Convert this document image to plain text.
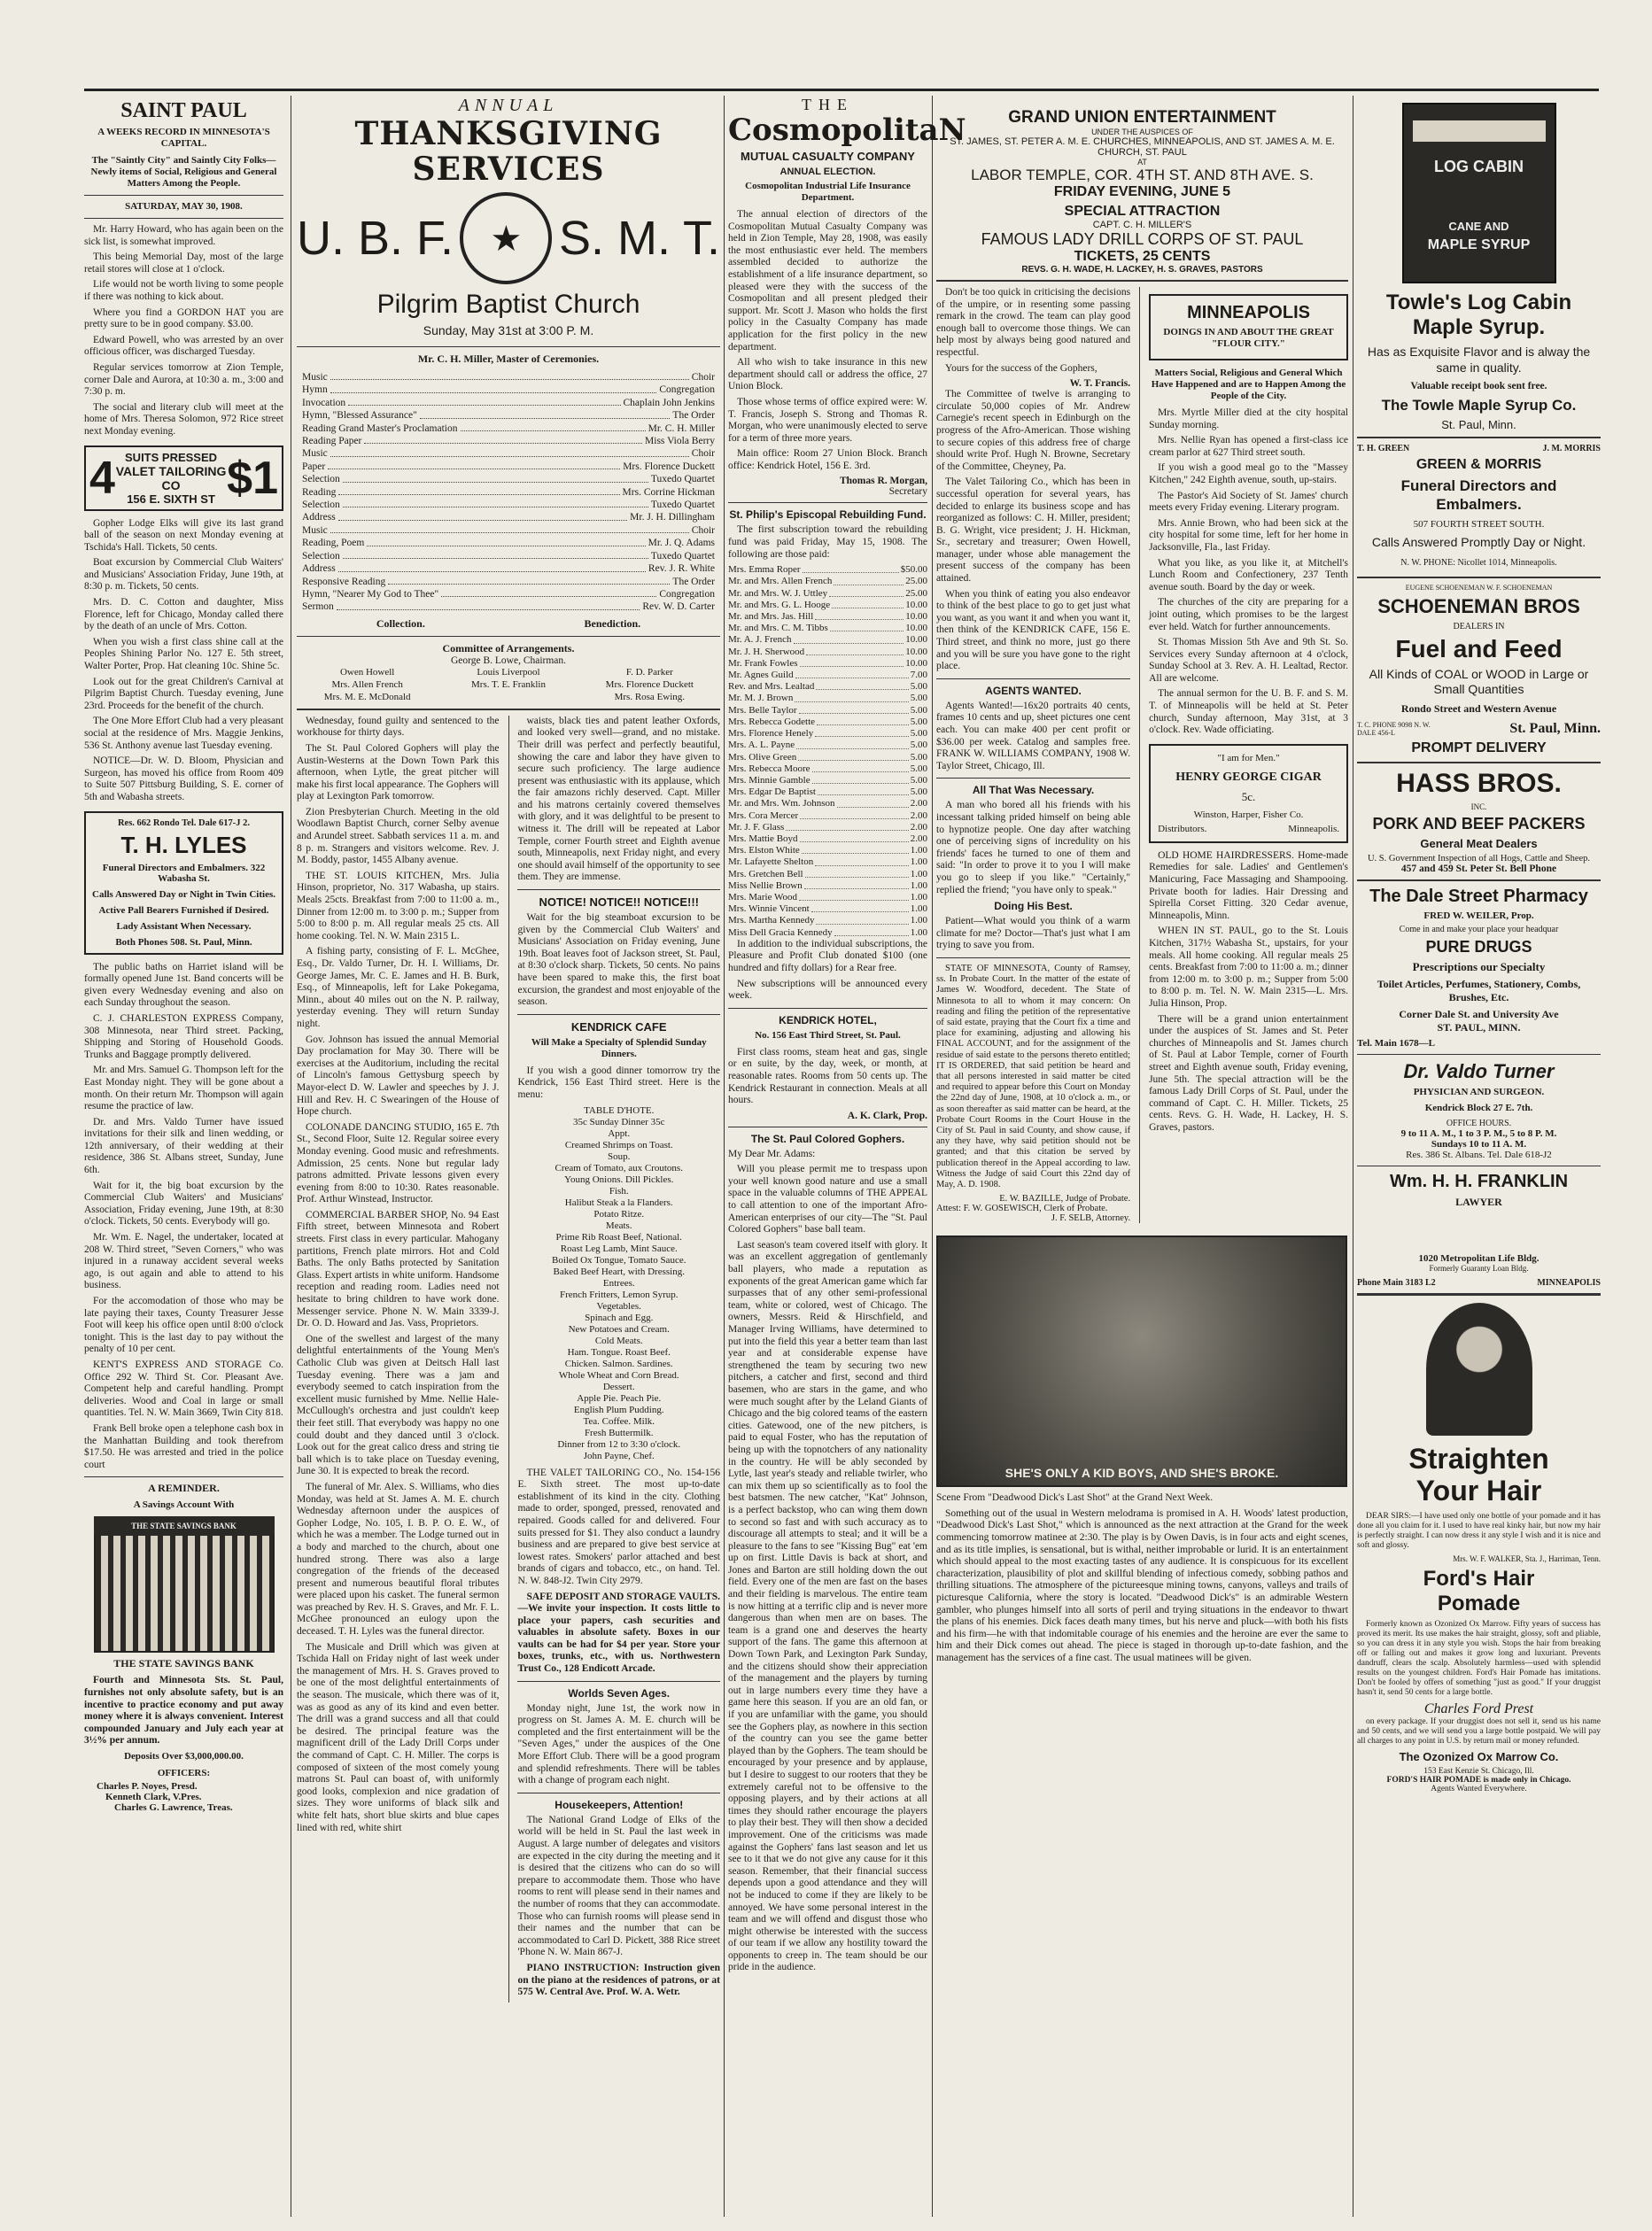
SAINT PAUL
A WEEKS RECORD IN MINNESOTA'S CAPITAL.
The "Saintly City" and Saintly City Folks—Newly items of Social, Religious and General Matters Among the People.
SATURDAY, MAY 30, 1908.

Mr. Harry Howard, who has again been on the sick list, is somewhat improved.

This being Memorial Day, most of the large retail stores will close at 1 o'clock.

Life would not be worth living to some people if there was nothing to kick about.

Where you find a GORDON HAT you are pretty sure to be in good company. $3.00.

Edward Powell, who was arrested by an over officious officer, was discharged Tuesday.

Regular services tomorrow at Zion Temple, corner Dale and Aurora, at 10:30 a. m., 3:00 and 7:30 p. m.

The social and literary club will meet at the home of Mrs. Theresa Solomon, 972 Rice street next Monday evening.

4 SUITS PRESSED
VALET TAILORING CO
156 E. SIXTH ST $1

Gopher Lodge Elks will give its last grand ball of the season on next Monday evening at Tschida's Hall. Tickets, 50 cents.

Boat excursion by Commercial Club Waiters' and Musicians' Association Friday, June 19th, at 8:30 p. m. Tickets, 50 cents.

Mrs. D. C. Cotton and daughter, Miss Florence, left for Chicago, Monday called there by the death of an uncle of Mrs. Cotton.

When you wish a first class shine call at the Peoples Shining Parlor No. 127 E. 5th street, Walter Porter, Prop. Hat cleaning 10c. Shine 5c.

Look out for the great Children's Carnival at Pilgrim Baptist Church. Tuesday evening, June 23rd. Proceeds for the benefit of the church.

The One More Effort Club had a very pleasant social at the residence of Mrs. Maggie Jenkins, 536 St. Anthony avenue last Tuesday evening.

NOTICE—Dr. W. D. Bloom, Physician and Surgeon, has moved his office from Room 409 to Suite 507 Pittsburg Building, S. E. corner of 5th and Wabasha streets.

Res. 662 Rondo Tel. Dale 617-J 2.
T. H. LYLES
Funeral Directors and Embalmers. 322 Wabasha St.
Calls Answered Day or Night in Twin Cities.
Active Pall Bearers Furnished if Desired.
Lady Assistant When Necessary.
Both Phones 508. St. Paul, Minn.

The public baths on Harriet island will be formally opened June 1st. Band concerts will be given every Wednesday evening and also on each Sunday throughout the season.

C. J. CHARLESTON EXPRESS Company, 308 Minnesota, near Third street. Packing, Shipping and Storing of Household Goods. Trunks and Baggage promptly delivered.

Mr. and Mrs. Samuel G. Thompson left for the East Monday night. They will be gone about a month. On their return Mr. Thompson will again resume the practice of law.

Dr. and Mrs. Valdo Turner have issued invitations for their silk and linen wedding, or 12th anniversary, of their wedding at their residence, 386 St. Albans street, Sunday, June 6th.

Wait for it, the big boat excursion by the Commercial Club Waiters' and Musicians' Association, Friday evening, June 19th, at 8:30 o'clock. Tickets, 50 cents. Everybody will go.

Mr. Wm. E. Nagel, the undertaker, located at 208 W. Third street, "Seven Corners," who was injured in a runaway accident several weeks ago, is out again and able to attend to his business.

For the accomodation of those who may be late paying their taxes, County Treasurer Jesse Foot will keep his office open until 8:00 o'clock tonight. This is the last day to pay without the penalty of 10 per cent.

KENT'S EXPRESS AND STORAGE Co. Office 292 W. Third St. Cor. Pleasant Ave. Competent help and careful handling. Prompt deliveries. Wood and Coal in large or small quantities. Tel. N. W. Main 3669, Twin City 818.

Frank Bell broke open a telephone cash box in the Manhattan Building and took therefrom $17.50. He was arrested and tried in the police court

A REMINDER.
A Savings Account With
THE STATE SAVINGS BANK
THE STATE SAVINGS BANK

Fourth and Minnesota Sts. St. Paul, furnishes not only absolute safety, but is an incentive to practice economy and put away money where it is always convenient. Interest compounded January and July each year at 3½% per annum.

Deposits Over $3,000,000.00.
OFFICERS:
Charles P. Noyes, Presd.
Kenneth Clark, V.Pres.
Charles G. Lawrence, Treas.
ANNUAL
THANKSGIVING SERVICES
U. B. F.	★ S. M. T.
Pilgrim Baptist Church
Sunday, May 31st at 3:00 P. M.
Mr. C. H. Miller, Master of Ceremonies.
Music	Choir
Hymn	Congregation
Invocation	Chaplain John Jenkins
Hymn, "Blessed Assurance"	The Order
Reading Grand Master's Proclamation	Mr. C. H. Miller
Reading Paper	Miss Viola Berry
Music	Choir
Paper	Mrs. Florence Duckett
Selection	Tuxedo Quartet
Reading	Mrs. Corrine Hickman
Selection	Tuxedo Quartet
Address	Mr. J. H. Dillingham
Music	Choir
Reading, Poem	Mr. J. Q. Adams
Selection	Tuxedo Quartet
Address	Rev. J. R. White
Responsive Reading	The Order
Hymn, "Nearer My God to Thee"	Congregation
Sermon	Rev. W. D. Carter
Collection.	Benediction.
Committee of Arrangements.
George B. Lowe, Chairman.
Owen Howell	Louis Liverpool	F. D. Parker
Mrs. Allen French	Mrs. T. E. Franklin	Mrs. Florence Duckett
Mrs. M. E. McDonald	Mrs. Rosa Ewing.

Wednesday, found guilty and sentenced to the workhouse for thirty days.

The St. Paul Colored Gophers will play the Austin-Westerns at the Down Town Park this afternoon, when Lytle, the great pitcher will make his first local appearance. The Gophers will play at Lexington Park tomorrow.

Zion Presbyterian Church. Meeting in the old Woodlawn Baptist Church, corner Selby avenue and Arundel street. Sabbath services 11 a. m. and 8 p. m. Strangers and visitors welcome. Rev. J. M. Boddy, pastor, 1455 Albany avenue.

THE ST. LOUIS KITCHEN, Mrs. Julia Hinson, proprietor, No. 317 Wabasha, up stairs. Meals 25cts. Breakfast from 7:00 to 11:00 a. m., Dinner from 12:00 m. to 3:00 p. m.; Supper from 5:00 to 8:00 p. m. All regular meals 25 cts. All home cooking. Tel. N. W. Main 2315 L.

A fishing party, consisting of F. L. McGhee, Esq., Dr. Valdo Turner, Dr. H. I. Williams, Dr. George James, Mr. C. E. James and H. B. Burk, Esq., of Minneapolis, left for Lake Pokegama, Minn., about 40 miles out on the N. P. railway, yesterday evening. They will return Sunday night.

Gov. Johnson has issued the annual Memorial Day proclamation for May 30. There will be exercises at the Auditorium, including the recital of Lincoln's famous Gettysburg speech by Mayor-elect D. W. Lawler and speeches by J. J. Hill and Rev. H. C Swearingen of the House of Hope church.

COLONADE DANCING STUDIO, 165 E. 7th St., Second Floor, Suite 12. Regular soiree every Monday evening. Good music and refreshments. Admission, 25 cents. None but regular lady patrons admitted. Private lessons given every evening from 8:00 to 10:30. Rates reasonable. Prof. Arthur Winstead, Instructor.

COMMERCIAL BARBER SHOP, No. 94 East Fifth street, between Minnesota and Robert streets. First class in every particular. Mahogany partitions, French plate mirrors. Hot and Cold Baths. The only Baths protected by Sanitation Glass. Expert artists in white uniform. Handsome reception and reading room. Ladies need not hesitate to bring children to have work done. Messenger service. Phone N. W. Main 3339-J. Dr. O. D. Howard and Jas. Vass, Proprietors.

One of the swellest and largest of the many delightful entertainments of the Young Men's Catholic Club was given at Deitsch Hall last Tuesday evening. There was a jam and everybody seemed to catch inspiration from the excellent music furnished by Mme. Nellie Hale-McCullough's orchestra and just couldn't keep their feet still. That everybody was happy no one could doubt and they danced until 3 o'clock. Look out for the great calico dress and string tie ball which is to take place on Tuesday evening, June 30. It is expected to break the record.

The funeral of Mr. Alex. S. Williams, who dies Monday, was held at St. James A. M. E. church Wednesday afternoon under the auspices of Gopher Lodge, No. 105, I. B. P. O. E. W., of which he was a member. The Lodge turned out in a body and marched to the church, about one hundred strong. There was also a large congregation of the friends of the deceased present and numerous beautiful floral tributes were placed upon his casket. The funeral sermon was preached by Rev. H. S. Graves, and Mr. F. L. McGhee pronounced an eulogy upon the deceased. T. H. Lyles was the funeral director.

The Musicale and Drill which was given at Tschida Hall on Friday night of last week under the management of Mrs. H. S. Graves proved to be one of the most delightful entertainments of the season. The musicale, which there was of it, was as good as any of its kind and even better. The drill was a grand success and all that could be desired. The principal feature was the magnificent drill of the Lady Drill Corps under the command of Capt. C. H. Miller. The corps is composed of sixteen of the most comely young matrons St. Paul can boast of, with uniformly good looks, complexion and nice gradation of sizes. They wore uniforms of black silk and white felt hats, short blue skirts and blue capes lined with red, white shirt

waists, black ties and patent leather Oxfords, and looked very swell—grand, and no mistake. Their drill was perfect and perfectly beautiful, showing the care and labor they have given to secure such proficiency. The large audience present was enthusiastic with its applause, which the fair amazons richly deserved. Capt. Miller and his matrons certainly covered themselves with glory, and it was delightful to be present to witness it. The drill will be repeated at Labor Temple, corner Fourth street and Eighth avenue south, Minneapolis, next Friday night, and every one should avail himself of the opportunity to see them. They are immense.

NOTICE! NOTICE!! NOTICE!!!

Wait for the big steamboat excursion to be given by the Commercial Club Waiters' and Musicians' Association on Friday evening, June 19th. Boat leaves foot of Jackson street, St. Paul, at 8:30 o'clock sharp. Tickets, 50 cents. No pains have been spared to make this, the first boat excursion, the grandest and most enjoyable of the season.

KENDRICK CAFE
Will Make a Specialty of Splendid Sunday Dinners.

If you wish a good dinner tomorrow try the Kendrick, 156 East Third street. Here is the menu:

TABLE D'HOTE.
35c Sunday Dinner 35c
Appt.
Creamed Shrimps on Toast.
Soup.
Cream of Tomato, aux Croutons.
Young Onions. Dill Pickles.
Fish.
Halibut Steak a la Flanders.
Potato Ritze.
Meats.
Prime Rib Roast Beef, National.
Roast Leg Lamb, Mint Sauce.
Boiled Ox Tongue, Tomato Sauce.
Baked Beef Heart, with Dressing.
Entrees.
French Fritters, Lemon Syrup.
Vegetables.
Spinach and Egg.
New Potatoes and Cream.
Cold Meats.
Ham. Tongue. Roast Beef.
Chicken. Salmon. Sardines.
Whole Wheat and Corn Bread.
Dessert.
Apple Pie. Peach Pie.
English Plum Pudding.
Tea. Coffee. Milk.
Fresh Buttermilk.
Dinner from 12 to 3:30 o'clock.
John Payne, Chef.

THE VALET TAILORING CO., No. 154-156 E. Sixth street. The most up-to-date establishment of its kind in the city. Clothing made to order, sponged, pressed, renovated and repaired. Goods called for and delivered. Four suits pressed for $1. They also conduct a laundry business and are prepared to give best service at lowest rates. Smokers' parlor attached and best brands of cigars and tobacco, etc., on hand. Tel. N. W. 848-J2. Twin City 2979.

SAFE DEPOSIT AND STORAGE VAULTS.—We invite your inspection. It costs little to place your papers, cash securities and valuables in absolute safety. Boxes in our vaults can be had for $4 per year. Store your boxes, trunks, etc., with us. Northwestern Trust Co., 128 Endicott Arcade.

Worlds Seven Ages.

Monday night, June 1st, the work now in progress on St. James A. M. E. church will be completed and the first entertainment will be the "Seven Ages," under the auspices of the One More Effort Club. There will be a good program and splendid refreshments. There will be tables with a change of program each night.

Housekeepers, Attention!

The National Grand Lodge of Elks of the world will be held in St. Paul the last week in August. A large number of delegates and visitors are expected in the city during the meeting and it is desired that the citizens who can do so will prepare to accommodate them. Those who have rooms to rent will please send in their names and the number of rooms that they can accommodate. Those who can furnish rooms will please send in their names and the number that can be accommodated to Carl D. Pickett, 388 Rice street 'Phone N. W. Main 867-J.

PIANO INSTRUCTION: Instruction given on the piano at the residences of patrons, or at 575 W. Central Ave. Prof. W. A. Wetr.

THE
CosmopolitaN
MUTUAL CASUALTY COMPANY
ANNUAL ELECTION.
Cosmopolitan Industrial Life Insurance Department.

The annual election of directors of the Cosmopolitan Mutual Casualty Company was held in Zion Temple, May 28, 1908, was easily the most enthusiastic ever held. The members assembled decided to authorize the establishment of a life insurance department, so pleased were they with the success of the Cosmopolitan and all present pledged their support. Mr. Scott J. Mason who holds the first policy in the Casualty Company has made application for the first policy in the new department.

All who wish to take insurance in this new department should call or address the office, 27 Union Block.

Those whose terms of office expired were: W. T. Francis, Joseph S. Strong and Thomas R. Morgan, who were unanimously elected to serve for a term of three more years.

Main office: Room 27 Union Block. Branch office: Kendrick Hotel, 156 E. 3rd.

Thomas R. Morgan,
Secretary
St. Philip's Episcopal Rebuilding Fund.

The first subscription toward the rebuilding fund was paid Friday, May 15, 1908. The following are those paid:

Mrs. Emma Roper	$50.00
Mr. and Mrs. Allen French	25.00
Mr. and Mrs. W. J. Uttley	25.00
Mr. and Mrs. G. L. Hooge	10.00
Mr. and Mrs. Jas. Hill	10.00
Mr. and Mrs. C. M. Tibbs	10.00
Mr. A. J. French	10.00
Mr. J. H. Sherwood	10.00
Mr. Frank Fowles	10.00
Mr. Agnes Guild	7.00
Rev. and Mrs. Lealtad	5.00
Mr. M. J. Brown	5.00
Mrs. Belle Taylor	5.00
Mrs. Rebecca Godette	5.00
Mrs. Florence Henely	5.00
Mrs. A. L. Payne	5.00
Mrs. Olive Green	5.00
Mrs. Rebecca Moore	5.00
Mrs. Minnie Gamble	5.00
Mrs. Edgar De Baptist	5.00
Mr. and Mrs. Wm. Johnson	2.00
Mrs. Cora Mercer	2.00
Mr. J. F. Glass	2.00
Mrs. Mattie Boyd	2.00
Mrs. Elston White	1.00
Mr. Lafayette Shelton	1.00
Mrs. Gretchen Bell	1.00
Miss Nellie Brown	1.00
Mrs. Marie Wood	1.00
Mrs. Winnie Vincent	1.00
Mrs. Martha Kennedy	1.00
Miss Dell Gracia Kennedy	1.00

In addition to the individual subscriptions, the Pleasure and Profit Club donated $100 (one hundred and fifty dollars) for a Rear free.

New subscriptions will be announced every week.

KENDRICK HOTEL,
No. 156 East Third Street, St. Paul.

First class rooms, steam heat and gas, single or en suite, by the day, week, or month, at reasonable rates. Rooms from 50 cents up. The Kendrick Restaurant in connection. Meals at all hours.

A. K. Clark, Prop.
The St. Paul Colored Gophers.

My Dear Mr. Adams:

Will you please permit me to trespass upon your well known good nature and use a small space in the valuable columns of THE APPEAL to call attention to one of the important Afro-American enterprises of our city—The "St. Paul Colored Gophers" base ball team.

Last season's team covered itself with glory. It was an excellent aggregation of gentlemanly ball players, who made a reputation as exponents of the great American game which far surpasses that of any other semi-professional team, white or colored, west of Chicago. The owners, Messrs. Reid & Hirschfield, and Manager Irving Williams, have determined to put into the field this year a better team than last year and at considerable expense have strengthened the team by securing two new pitchers, a catcher and first, second and third basemen, who are stars in the game, and who were much sought after by the Leland Giants of Chicago and the big colored teams of the eastern cities. Gatewood, one of the new pitchers, is paid to equal Foster, who has the reputation of being up with the topnotchers of any nationality in the country. He will be ably seconded by Lytle, last year's steady and reliable twirler, who can mix them up so scientifically as to fool the best batsmen. The new catcher, "Kat" Johnson, is a perfect backstop, who can wing them down to second so fast and with such accuracy as to discourage all attempts to steal; and it will be a pleasure to the fans to see "Kissing Bug" eat 'em up on first. Little Davis is back at short, and Jones and Barton are still holding down the out field. Every one of the men are fast on the bases and their fielding is marvelous. The entire team is now hitting at a terrific clip and is never more dangerous than when men are on bases. The team is a grand one and deserves the hearty support of the fans. The game this afternoon at Down Town Park, and Lexington Park Sunday, and the citizens should show their appreciation of the management and the players by turning out in large numbers every time they have a game here this season. If you are an old fan, or if you are unfamiliar with the game, you should see the Gophers play, as nowhere in this section of the country can you see the game better played than by the Gophers. The team should be encouraged by your presence and by applause, but I desire to suggest to our rooters that they be extremely careful not to be offensive to the opposing players, and by their actions at all times they should rather encourage the players to play their best. They will then show a decided improvement. One of the criticisms was made against the Gophers' fans last season and let us see to it that we do not give any cause for it this season. Remember, that their financial success depends upon a good attendance and they will not be induced to come if they are likely to be annoyed. We have some personal interest in the team and we will offend and disgust those who might otherwise be interested with the success of our team if we allow any hostility toward the opponents to creep in. The team should be our pride in the audience.

GRAND UNION ENTERTAINMENT
UNDER THE AUSPICES OF
ST. JAMES, ST. PETER A. M. E. CHURCHES, MINNEAPOLIS, AND ST. JAMES A. M. E. CHURCH, ST. PAUL
AT
LABOR TEMPLE, COR. 4TH ST. AND 8TH AVE. S.
FRIDAY EVENING, JUNE 5
SPECIAL ATTRACTION
CAPT. C. H. MILLER'S
FAMOUS LADY DRILL CORPS OF ST. PAUL
TICKETS, 25 CENTS
REVS. G. H. WADE, H. LACKEY, H. S. GRAVES, PASTORS

Don't be too quick in criticising the decisions of the umpire, or in resenting some passing remark in the crowd. The team can play good enough ball to overcome those things. We can help most by always being good natured and respectful.

Yours for the success of the Gophers,

W. T. Francis.

The Committee of twelve is arranging to circulate 50,000 copies of Mr. Andrew Carnegie's recent speech in Edinburgh on the progress of the Afro-American. Those wishing to secure copies of this address free of charge should write Prof. Hugh N. Browne, Secretary of the Committee, Cheyney, Pa.

The Valet Tailoring Co., which has been in successful operation for several years, has decided to enlarge its business scope and has reorganized as follows: C. H. Miller, president; B. G. Wright, vice president; J. H. Hickman, Sr., secretary and treasurer; Owen Howell, manager, under whose able management the present success of the company has been attained.

When you think of eating you also endeavor to think of the best place to go to get just what you want, as you want it and when you want it, then think of the KENDRICK CAFE, 156 E. Third street, and think no more, just go there and you will be sure you have gone to the right place.

AGENTS WANTED.

Agents Wanted!—16x20 portraits 40 cents, frames 10 cents and up, sheet pictures one cent each. You can make 400 per cent profit or $36.00 per week. Catalog and samples free. FRANK W. WILLIAMS COMPANY, 1908 W. Taylor Street, Chicago, Ill.

All That Was Necessary.

A man who bored all his friends with his incessant talking prided himself on being able to hypnotize people. One day after watching one of perceiving signs of incredulity on his friends' faces he turned to one of them and said: "In order to prove it to you I will make you go to sleep if you like." "Certainly," replied the friend; "you have only to speak."

Doing His Best.

Patient—What would you think of a warm climate for me? Doctor—That's just what I am trying to save you from.

STATE OF MINNESOTA, County of Ramsey, ss. In Probate Court. In the matter of the estate of James W. Woodford, decedent. The State of Minnesota to all to whom it may concern: On reading and filing the petition of the representative of said estate, praying that the Court fix a time and place for examining, adjusting and allowing his FINAL ACCOUNT, and for the assignment of the residue of said estate to the persons thereto entitled; IT IS ORDERED, that said petition be heard and that all persons interested in said matter be cited and required to appear before this Court on Monday the 22nd day of June, 1908, at 10 o'clock a. m., or as soon thereafter as said matter can be heard, at the Probate Court Rooms in the Court House in the City of St. Paul in said County, and show cause, if any they have, why said petition should not be granted; and that this citation be served by publication thereof in the Appeal according to law. Witness the Judge of said Court this 22nd day of May, A. D. 1908.

E. W. BAZILLE, Judge of Probate.
Attest: F. W. GOSEWISCH, Clerk of Probate.
J. F. SELB, Attorney.
MINNEAPOLIS
DOINGS IN AND ABOUT THE GREAT "FLOUR CITY."
Matters Social, Religious and General Which Have Happened and are to Happen Among the People of the City.

Mrs. Myrtle Miller died at the city hospital Sunday morning.

Mrs. Nellie Ryan has opened a first-class ice cream parlor at 627 Third street south.

If you wish a good meal go to the "Massey Kitchen," 242 Eighth avenue, south, up-stairs.

The Pastor's Aid Society of St. James' church meets every Friday evening. Literary program.

Mrs. Annie Brown, who had been sick at the city hospital for some time, left for her home in Jacksonville, Fla., last Friday.

What you like, as you like it, at Mitchell's Lunch Room and Confectionery, 237 Tenth avenue south. Board by the day or week.

The churches of the city are preparing for a joint outing, which promises to be the largest ever held. Watch for further announcements.

St. Thomas Mission 5th Ave and 9th St. So. Services every Sunday afternoon at 4 o'clock, Sunday School at 3. Rev. A. H. Lealtad, Rector. All are welcome.

The annual sermon for the U. B. F. and S. M. T. of Minneapolis will be held at St. Peter church, Sunday afternoon, May 31st, at 3 o'clock. Rev. Wade officiating.

"I am for Men."
HENRY GEORGE CIGAR
5c.
Winston, Harper, Fisher Co.
Distributors.	Minneapolis.

OLD HOME HAIRDRESSERS. Home-made Remedies for sale. Ladies' and Gentlemen's Manicuring, Face Massaging and Shampooing. Private booth for ladies. Hair Dressing and Spirella Corset Fitting. 320 Cedar avenue, Minneapolis, Minn.

WHEN IN ST. PAUL, go to the St. Louis Kitchen, 317½ Wabasha St., upstairs, for your meals. All home cooking. All regular meals 25 cents. Breakfast from 7:00 to 11:00 a. m.; dinner from 12:00 m. to 3:00 p. m.; Supper from 5:00 to 8:00 p. m. Tel. N. W. Main 2315—L. Mrs. Julia Hinson, Prop.

There will be a grand union entertainment under the auspices of St. James and St. Peter churches of Minneapolis and St. James church of St. Paul at Labor Temple, corner of Fourth street and Eighth avenue south, Friday evening, June 5th. The special attraction will be the famous Lady Drill Corps of St. Paul, under the command of Capt. C. H. Miller. Tickets, 25 cents. Revs. G. H. Wade, H. Lackey, H. S. Graves, pastors.

SHE'S ONLY A KID BOYS, AND SHE'S BROKE.

Scene From "Deadwood Dick's Last Shot" at the Grand Next Week.

Something out of the usual in Western melodrama is promised in A. H. Woods' latest production, "Deadwood Dick's Last Shot," which is announced as the next attraction at the Grand for the week commencing tomorrow matinee at 2:30. The play is by Owen Davis, is in four acts and eight scenes, and as its title implies, is sensational, but is withal, neither improbable or lurid. It is an entertainment which should appeal to the most exacting tastes of any audience. It is conspicuous for its excellent characterization, plausibility of plot and skillful blending of infectious comedy, sobbing pathos and thrilling situations. The atmosphere of the pictureesque mining towns, canyons, valleys and trails of picturesque California, where the story is located. "Deadwood Dick's" is an admirable Western gambler, who plunges himself into all sorts of peril and trying situations in the endeavor to thwart the plans of his enemies. Dick faces death many times, but his nerve and pluck—with both his fists and his firm—he with that indomitable courage of his enemies and the heroine are ever the same to him and their Dick comes out ahead. The piece is staged in thorough up-to-date fashion, and the management has the services of a fine cast. The usual matinees will be given.

LOG CABIN
CANE AND
MAPLE SYRUP
Towle's Log Cabin Maple Syrup.
Has as Exquisite Flavor and is alway the same in quality.
Valuable receipt book sent free.
The Towle Maple Syrup Co.
St. Paul, Minn.
T. H. GREEN	J. M. MORRIS
GREEN & MORRIS
Funeral Directors and Embalmers.
507 FOURTH STREET SOUTH.
Calls Answered Promptly Day or Night.
N. W. PHONE: Nicollet 1014, Minneapolis.
EUGENE SCHOENEMAN W. F. SCHOENEMAN
SCHOENEMAN BROS
DEALERS IN
Fuel and Feed
All Kinds of COAL or WOOD in Large or Small Quantities
Rondo Street and Western Avenue
T. C. PHONE 9098 N. W. DALE 456-L	St. Paul, Minn.
PROMPT DELIVERY
HASS BROS.
INC.
PORK AND BEEF PACKERS
General Meat Dealers
U. S. Government Inspection of all Hogs, Cattle and Sheep.
457 and 459 St. Peter St. Bell Phone
The Dale Street Pharmacy
FRED W. WEILER, Prop.
Come in and make your place your headquar
PURE DRUGS
Prescriptions our Specialty
Toilet Articles, Perfumes, Stationery, Combs, Brushes, Etc.
Corner Dale St. and University Ave
ST. PAUL, MINN.
Tel. Main 1678—L
Dr. Valdo Turner
PHYSICIAN AND SURGEON.
Kendrick Block 27 E. 7th.
OFFICE HOURS.
9 to 11 A. M., 1 to 3 P. M., 5 to 8 P. M.
Sundays 10 to 11 A. M.
Res. 386 St. Albans. Tel. Dale 618-J2
Wm. H. H. FRANKLIN
LAWYER
1020 Metropolitan Life Bldg.
Formerly Guaranty Loan Bldg.
Phone Main 3183 L2	MINNEAPOLIS
Straighten
Your Hair

DEAR SIRS:—I have used only one bottle of your pomade and it has done all you claim for it. I used to have real kinky hair, but now my hair is perfectly straight. I can now dress it any style I wish and it is nice and soft and glossy.

Mrs. W. F. WALKER, Sta. J., Harriman, Tenn.
Ford's Hair
Pomade

Formerly known as Ozonized Ox Marrow. Fifty years of success has proved its merit. Its use makes the hair straight, glossy, soft and pliable, so you can dress it in any style you wish. Stops the hair from breaking off or falling out and makes it grow long and luxuriant. Prevents dandruff, clears the scalp. Absolutely harmless—used with splendid results on the youngest children. Ford's Hair Pomade has imitations. Don't be fooled by offers of something "just as good." If your druggist hasn't it, send 50 cents for a large bottle.

Charles Ford Prest

on every package. If your druggist does not sell it, send us his name and 50 cents, and we will send you a large bottle postpaid. We will pay all charges to any point in U.S. by return mail or money refunded.

The Ozonized Ox Marrow Co.
153 East Kenzie St. Chicago, Ill.
FORD'S HAIR POMADE is made only in Chicago.
Agents Wanted Everywhere.
